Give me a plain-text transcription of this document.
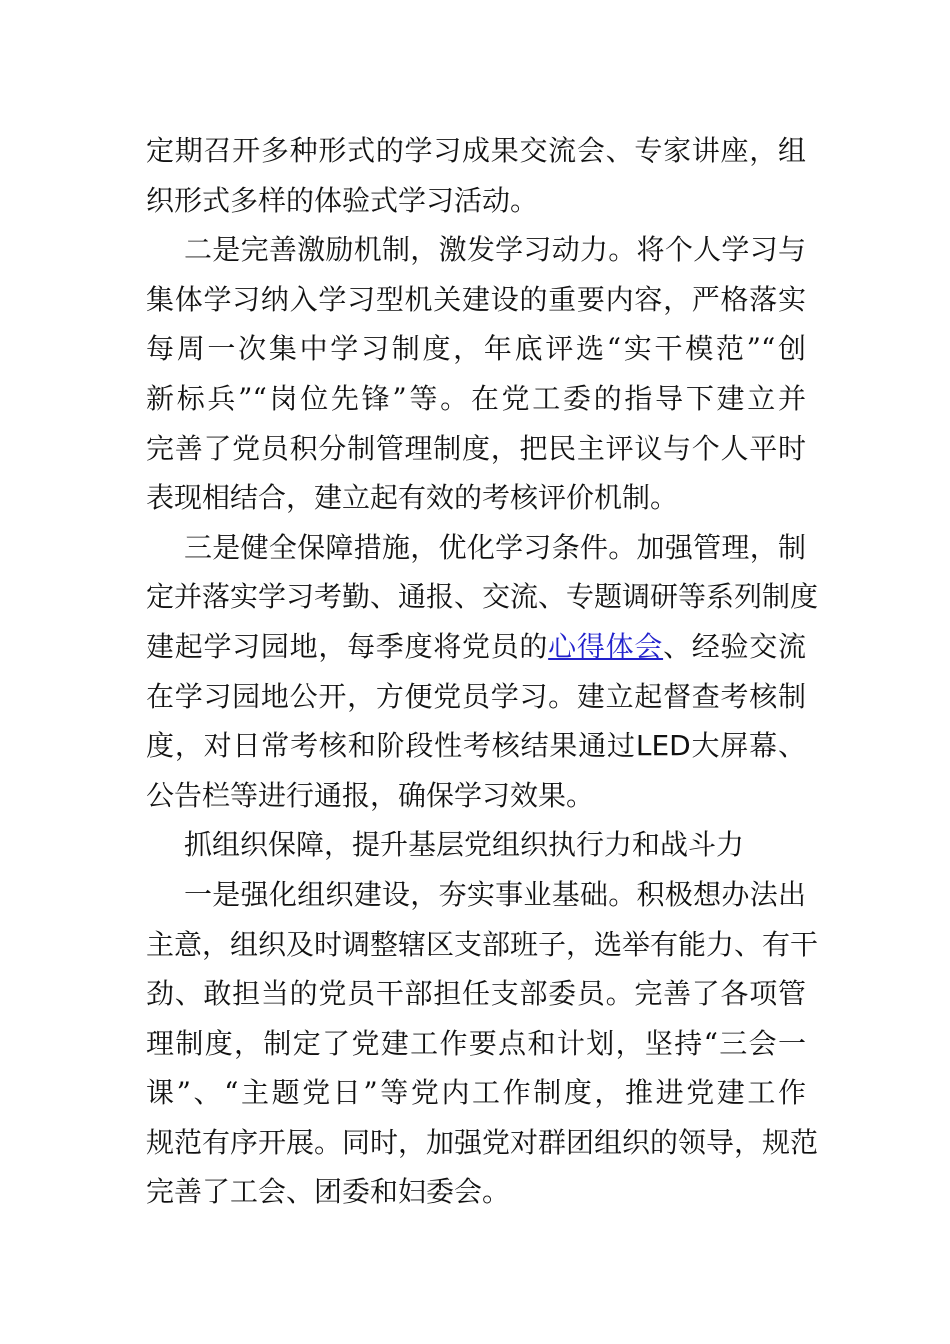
定期召开多种形式的学习成果交流会、专家讲座，组
织形式多样的体验式学习活动。
二是完善激励机制，激发学习动力。将个人学习与
集体学习纳入学习型机关建设的重要内容，严格落实
每周一次集中学习制度，年底评选“实干模范”“创
新标兵”“岗位先锋”等。在党工委的指导下建立并
完善了党员积分制管理制度，把民主评议与个人平时
表现相结合，建立起有效的考核评价机制。
三是健全保障措施，优化学习条件。加强管理，制
定并落实学习考勤、通报、交流、专题调研等系列制度
建起学习园地，每季度将党员的心得体会、经验交流
在学习园地公开，方便党员学习。建立起督查考核制
度，对日常考核和阶段性考核结果通过LED大屏幕、
公告栏等进行通报，确保学习效果。
抓组织保障，提升基层党组织执行力和战斗力
一是强化组织建设，夯实事业基础。积极想办法出
主意，组织及时调整辖区支部班子，选举有能力、有干
劲、敢担当的党员干部担任支部委员。完善了各项管
理制度，制定了党建工作要点和计划，坚持“三会一
课”、“主题党日”等党内工作制度，推进党建工作
规范有序开展。同时，加强党对群团组织的领导，规范
完善了工会、团委和妇委会。
